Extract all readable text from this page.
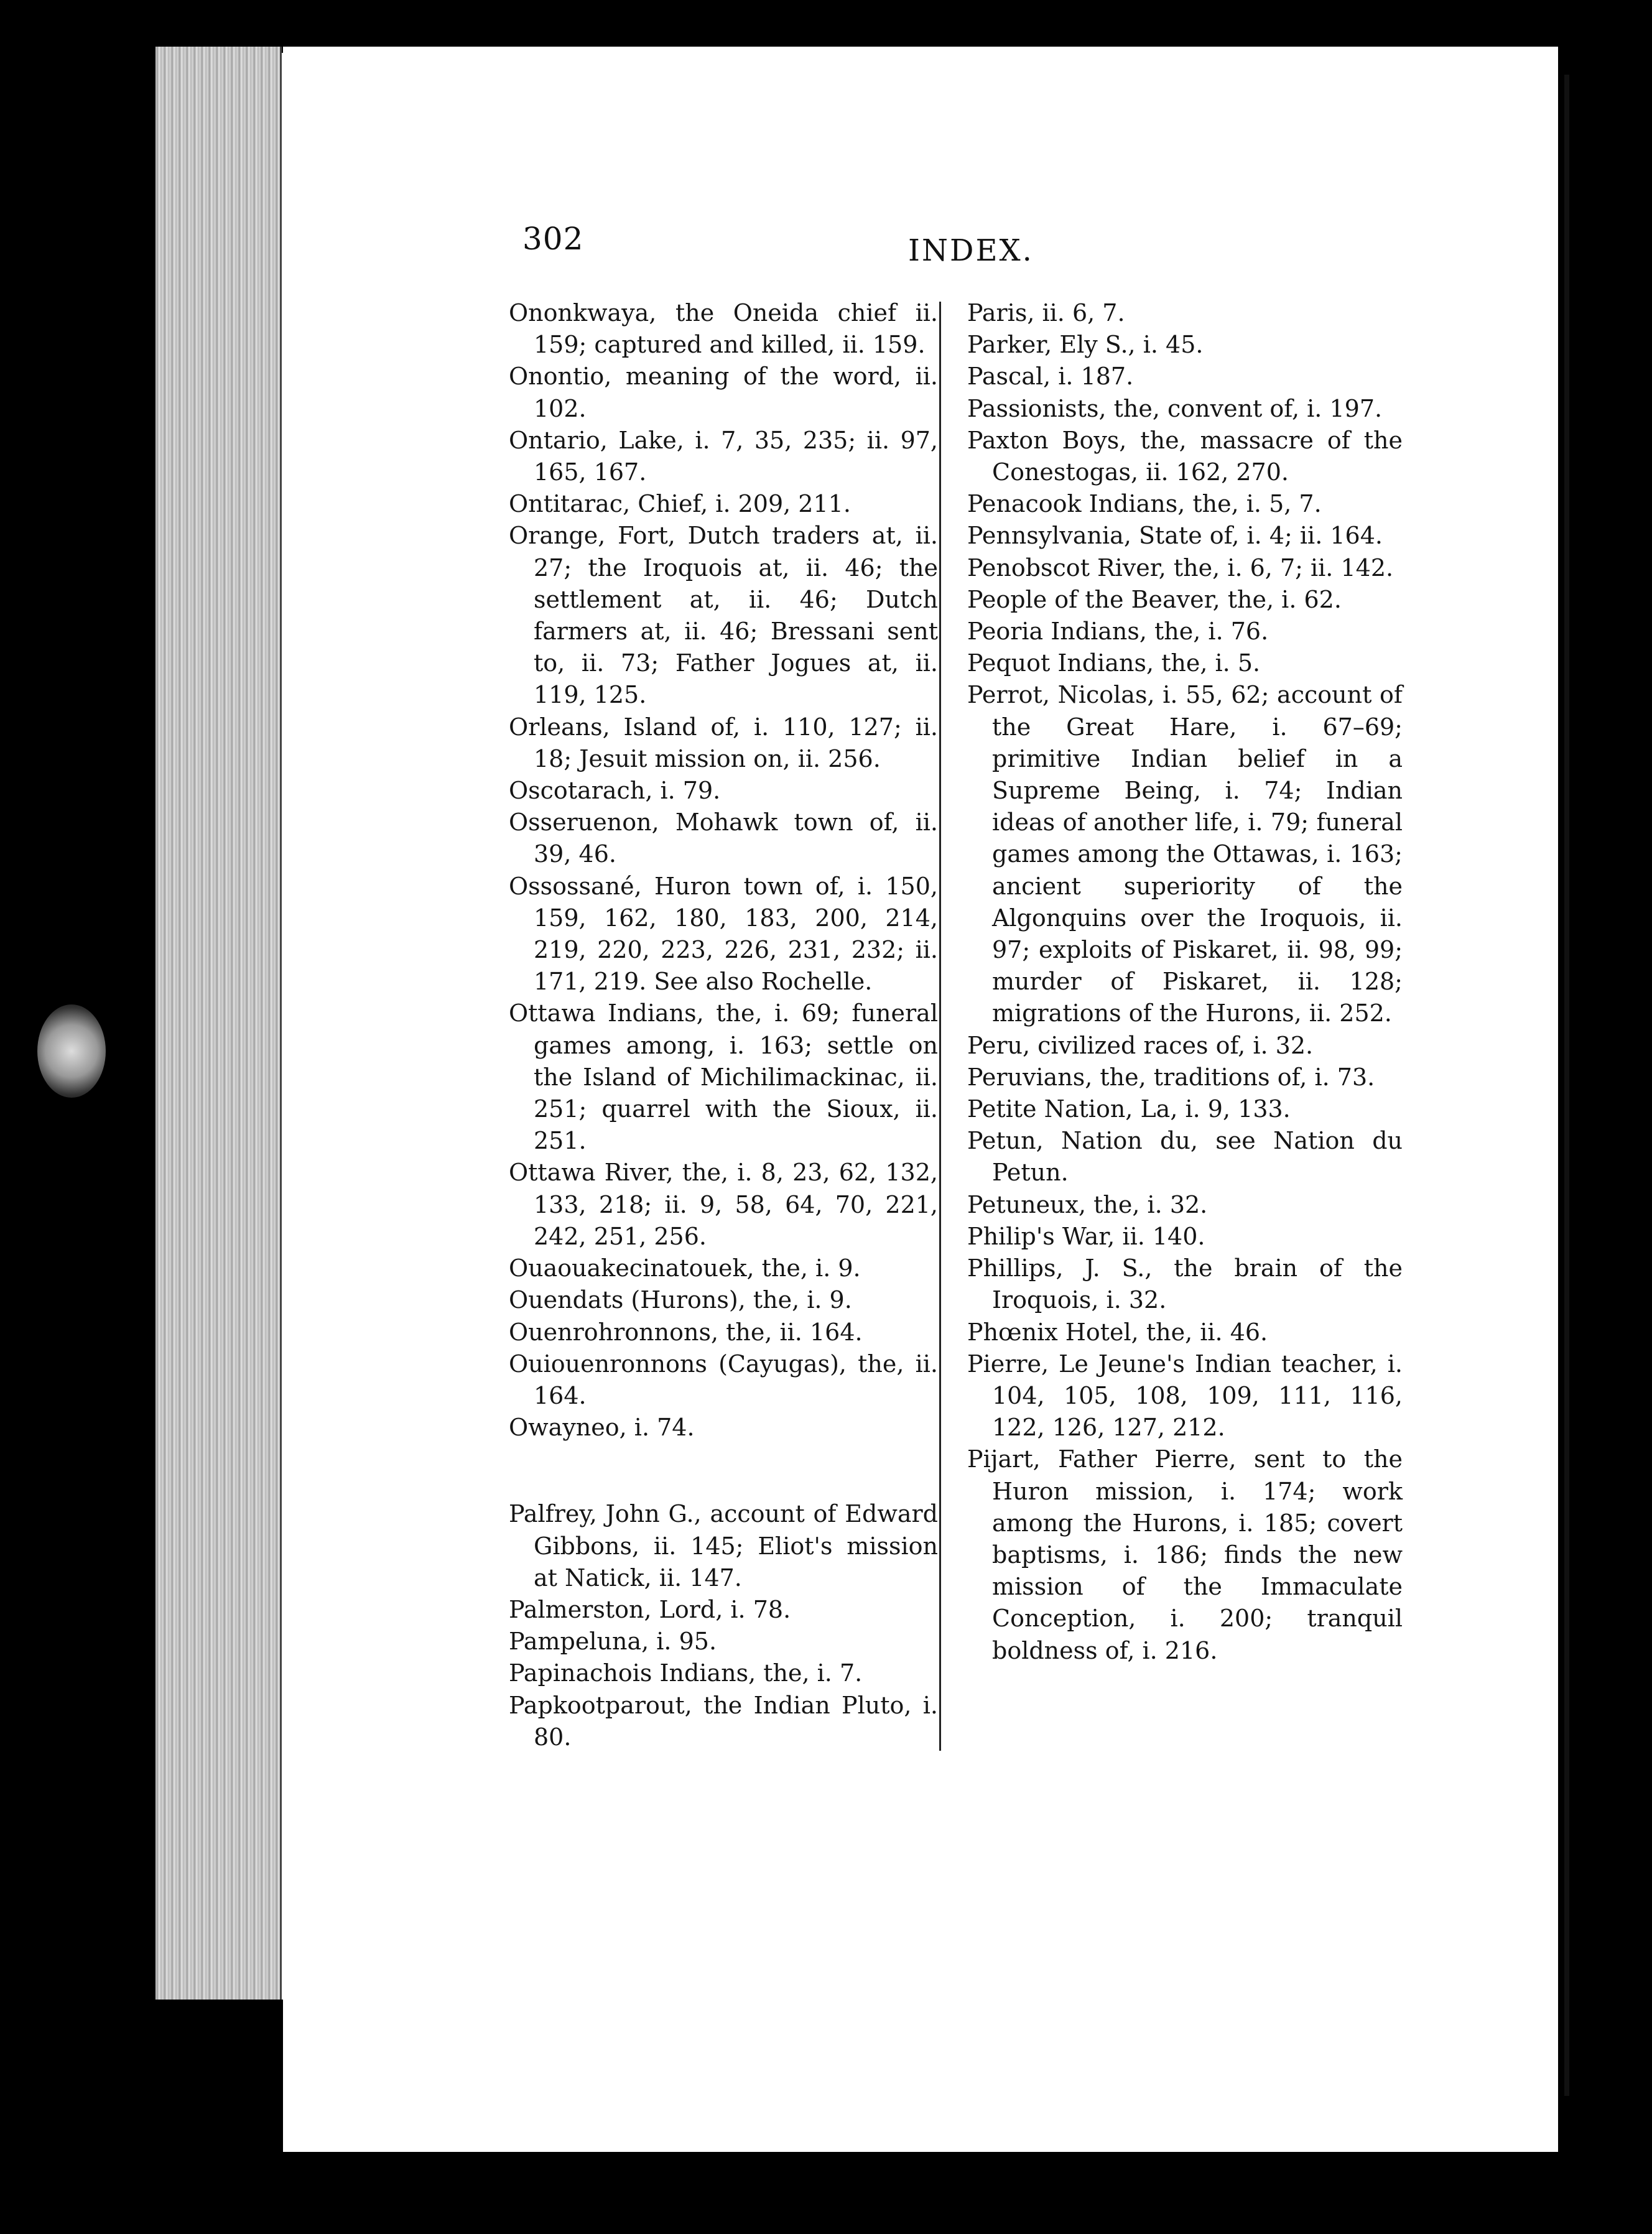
302	INDEX.

Ononkwaya, the Oneida chief ii. 159; captured and killed, ii. 159.

Onontio, meaning of the word, ii. 102.

Ontario, Lake, i. 7, 35, 235; ii. 97, 165, 167.

Ontitarac, Chief, i. 209, 211.

Orange, Fort, Dutch traders at, ii. 27; the Iroquois at, ii. 46; the settlement at, ii. 46; Dutch farmers at, ii. 46; Bressani sent to, ii. 73; Father Jogues at, ii. 119, 125.

Orleans, Island of, i. 110, 127; ii. 18; Jesuit mission on, ii. 256.

Oscotarach, i. 79.

Osseruenon, Mohawk town of, ii. 39, 46.

Ossossané, Huron town of, i. 150, 159, 162, 180, 183, 200, 214, 219, 220, 223, 226, 231, 232; ii. 171, 219. See also Rochelle.

Ottawa Indians, the, i. 69; funeral games among, i. 163; settle on the Island of Michilimackinac, ii. 251; quarrel with the Sioux, ii. 251.

Ottawa River, the, i. 8, 23, 62, 132, 133, 218; ii. 9, 58, 64, 70, 221, 242, 251, 256.

Ouaouakecinatouek, the, i. 9.

Ouendats (Hurons), the, i. 9.

Ouenrohronnons, the, ii. 164.

Ouiouenronnons (Cayugas), the, ii. 164.

Owayneo, i. 74.

Palfrey, John G., account of Edward Gibbons, ii. 145; Eliot's mission at Natick, ii. 147.

Palmerston, Lord, i. 78.

Pampeluna, i. 95.

Papinachois Indians, the, i. 7.

Papkootparout, the Indian Pluto, i. 80.

Paris, ii. 6, 7.

Parker, Ely S., i. 45.

Pascal, i. 187.

Passionists, the, convent of, i. 197.

Paxton Boys, the, massacre of the Conestogas, ii. 162, 270.

Penacook Indians, the, i. 5, 7.

Pennsylvania, State of, i. 4; ii. 164.

Penobscot River, the, i. 6, 7; ii. 142.

People of the Beaver, the, i. 62.

Peoria Indians, the, i. 76.

Pequot Indians, the, i. 5.

Perrot, Nicolas, i. 55, 62; account of the Great Hare, i. 67–69; primitive Indian belief in a Supreme Being, i. 74; Indian ideas of another life, i. 79; funeral games among the Ottawas, i. 163; ancient superiority of the Algonquins over the Iroquois, ii. 97; exploits of Piskaret, ii. 98, 99; murder of Piskaret, ii. 128; migrations of the Hurons, ii. 252.

Peru, civilized races of, i. 32.

Peruvians, the, traditions of, i. 73.

Petite Nation, La, i. 9, 133.

Petun, Nation du, see Nation du Petun.

Petuneux, the, i. 32.

Philip's War, ii. 140.

Phillips, J. S., the brain of the Iroquois, i. 32.

Phœnix Hotel, the, ii. 46.

Pierre, Le Jeune's Indian teacher, i. 104, 105, 108, 109, 111, 116, 122, 126, 127, 212.

Pijart, Father Pierre, sent to the Huron mission, i. 174; work among the Hurons, i. 185; covert baptisms, i. 186; finds the new mission of the Immaculate Conception, i. 200; tranquil boldness of, i. 216.
